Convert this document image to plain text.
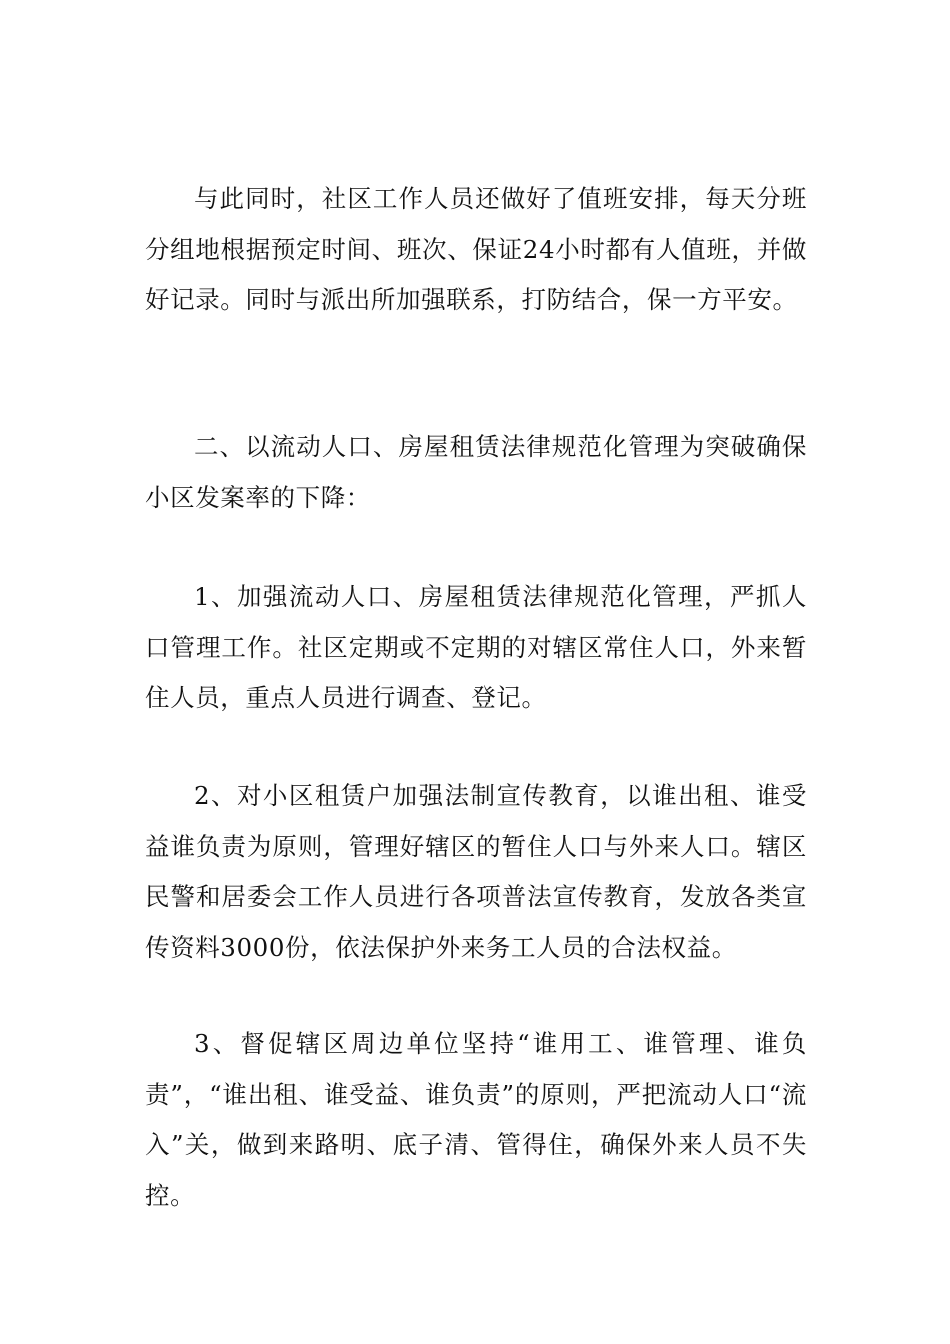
与此同时，社区工作人员还做好了值班安排，每天分班分组地根据预定时间、班次、保证24小时都有人值班，并做好记录。同时与派出所加强联系，打防结合，保一方平安。

二、以流动人口、房屋租赁法律规范化管理为突破确保小区发案率的下降：

1、加强流动人口、房屋租赁法律规范化管理，严抓人口管理工作。社区定期或不定期的对辖区常住人口，外来暂住人员，重点人员进行调查、登记。

2、对小区租赁户加强法制宣传教育，以谁出租、谁受益谁负责为原则，管理好辖区的暂住人口与外来人口。辖区民警和居委会工作人员进行各项普法宣传教育，发放各类宣传资料3000份，依法保护外来务工人员的合法权益。

3、督促辖区周边单位坚持“谁用工、谁管理、谁负责”，“谁出租、谁受益、谁负责”的原则，严把流动人口“流入”关，做到来路明、底子清、管得住，确保外来人员不失控。
